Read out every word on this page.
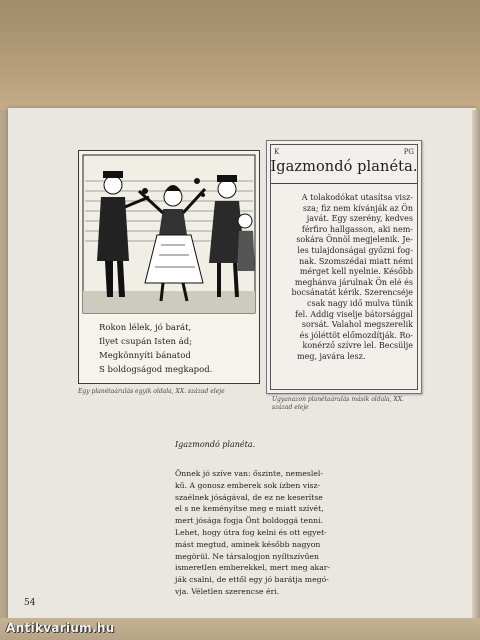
Rokon lélek, jó barát,
Ilyet csupán Isten ád;
Megkönnyíti bánatod
S boldogságod megkapod.
Egy planétaárulás egyik oldala, XX. század eleje
K	PG
Igazmondó planéta.
A tolakodókat utasítsa visz-
sza; fiz nem kívánják az Ön
javát. Egy szerény, kedves
férfiro hallgasson, aki nem-
sokára Önnöl megjelenik. Je-
les tulajdonságai győzni fog-
nak. Szomszédai miatt némi
mérget kell nyelnie. Később
meghánva járulnak Ön elé és
bocsánatát kérik. Szerencséje
csak nagy idő mulva tünik
fel. Addig viselje bátorsággal
sorsát. Valahol megszerelik
és jóléttöt előmozdítják. Ro-
konérző szívre lel. Becsülje
meg, javára lesz.
Ugyanazon planétaárulás másik oldala, XX. század eleje
Igazmondó planéta.
Önnek jó szíve van: őszinte, nemeslel-
kű. A gonosz emberek sok ízben visz-
szaélnek jóságával, de ez ne keserítse
el s ne keményítse meg e miatt szívét,
mert jósága fogja Önt boldoggá tenni.
Lehet, hogy útra fog kelni és ott egyet-
mást megtud, aminek később nagyon
megörül. Ne társalogjon nyíltszívűen
ismeretlen emberekkel, mert meg akar-
ják csalni, de ettől egy jó barátja megó-
vja. Véletlen szerencse éri.
54
Antikvarium.hu
